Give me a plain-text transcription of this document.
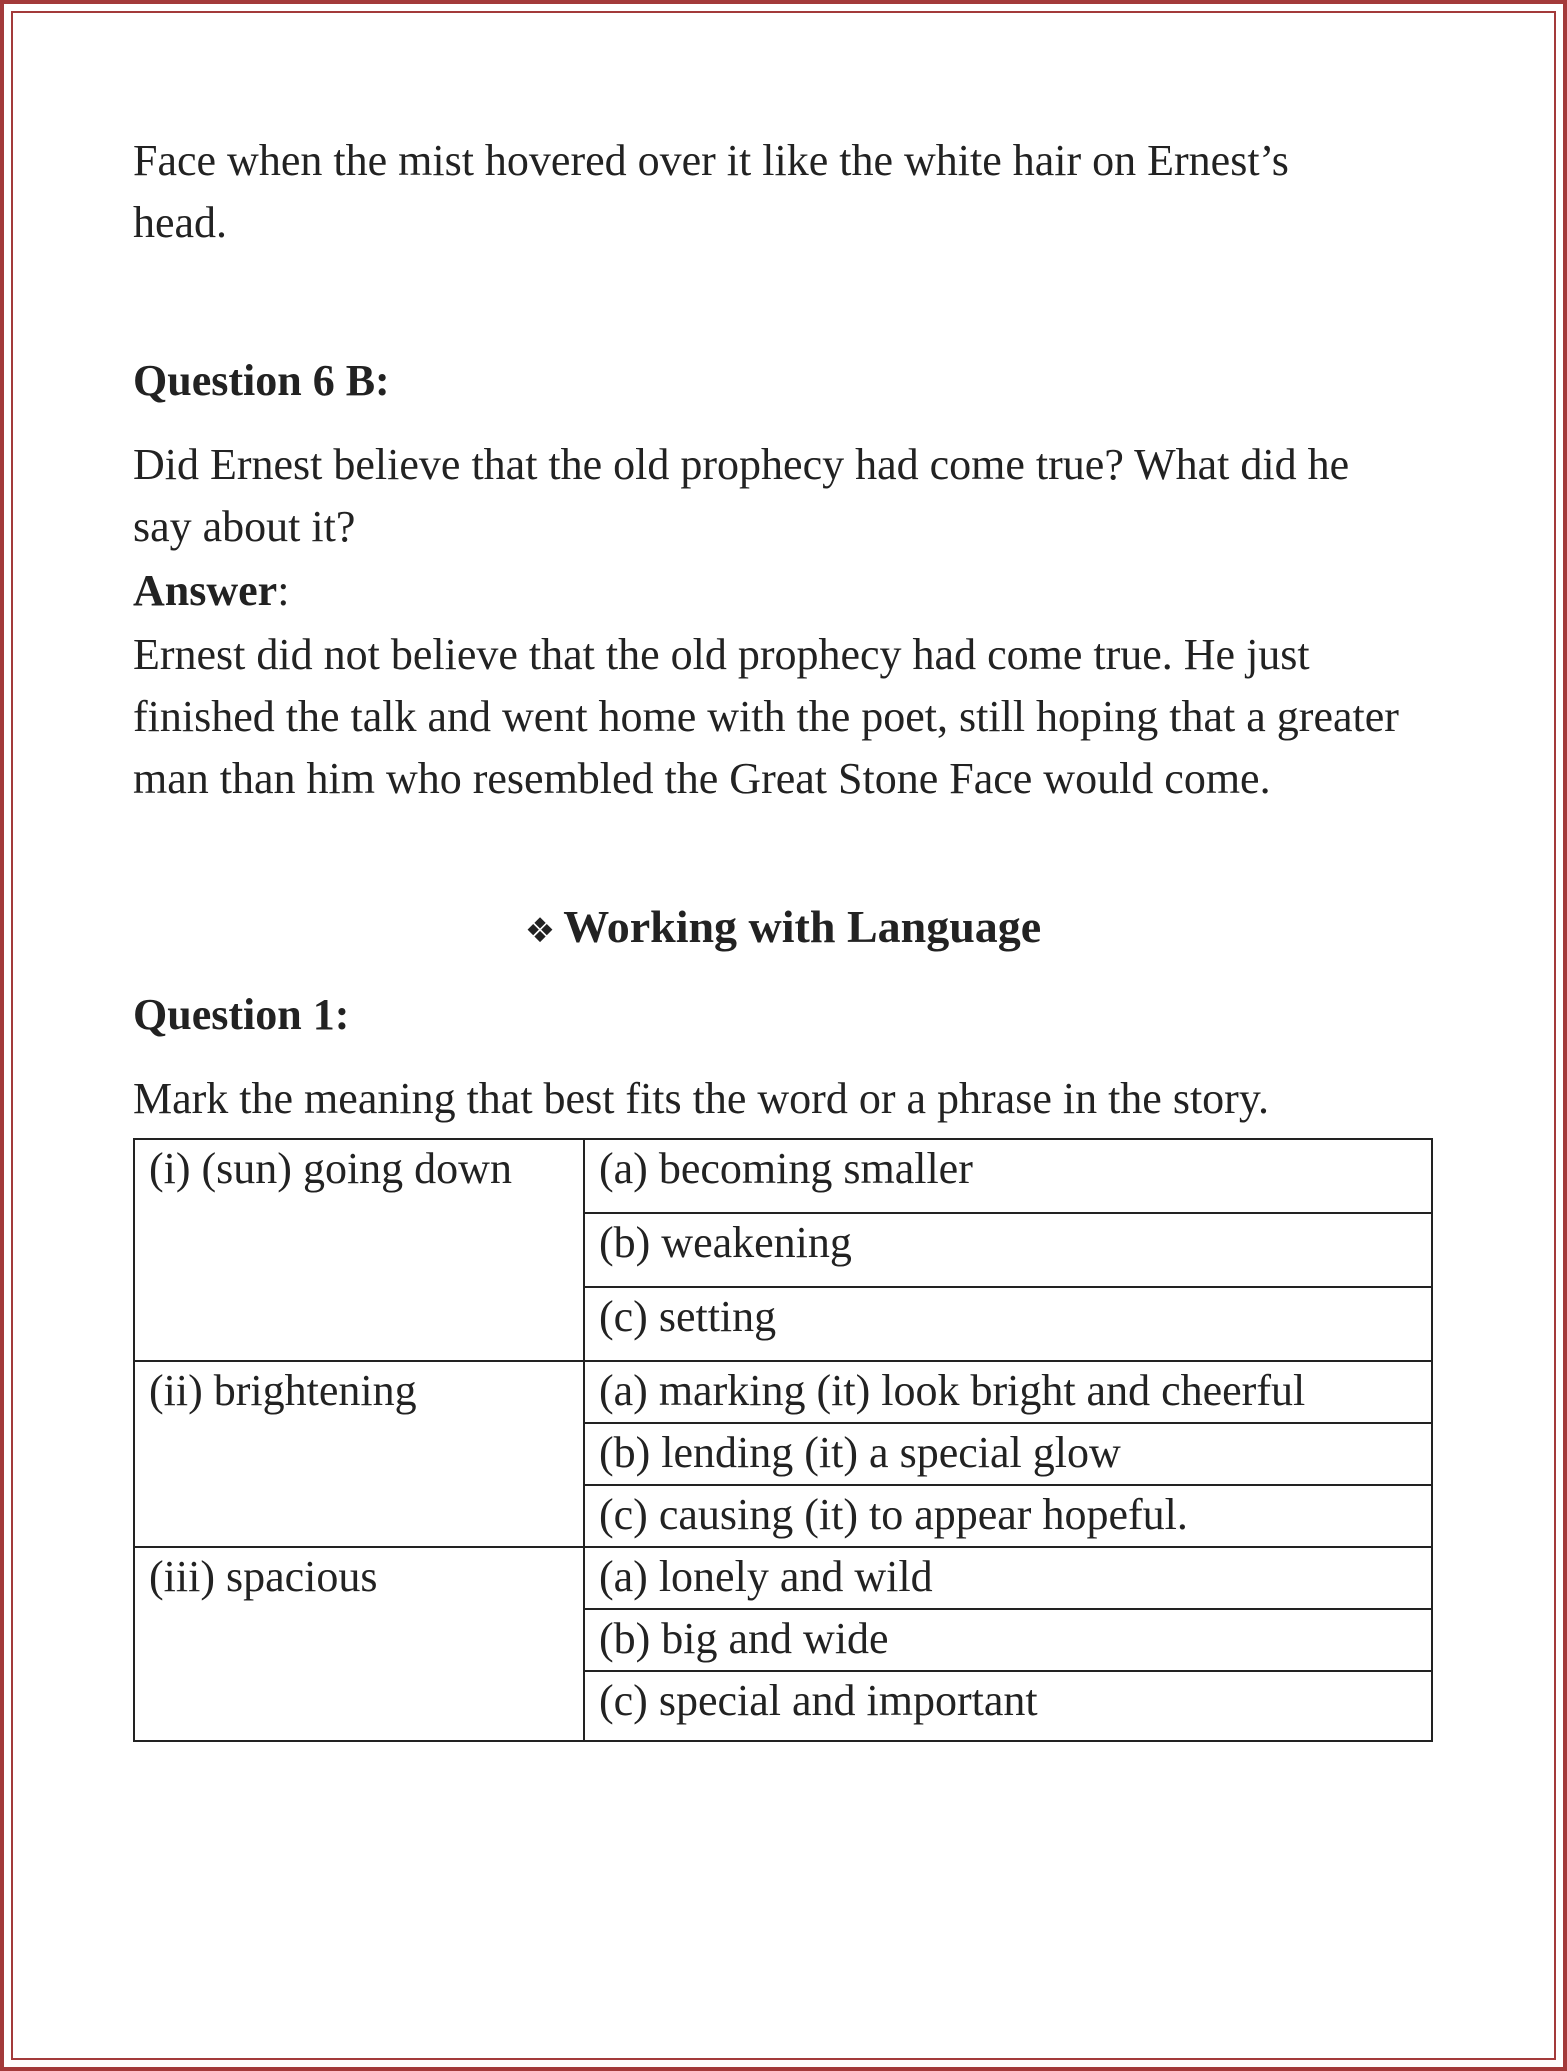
Face when the mist hovered over it like the white hair on Ernest’s head.

Question 6 B:

Did Ernest believe that the old prophecy had come true? What did he say about it?

Answer:

Ernest did not believe that the old prophecy had come true. He just finished the talk and went home with the poet, still hoping that a greater man than him who resembled the Great Stone Face would come.

❖ Working with Language

Question 1:

Mark the meaning that best fits the word or a phrase in the story.

(i) (sun) going down	(a) becoming smaller
	(b) weakening
	(c) setting
(ii) brightening	(a) marking (it) look bright and cheerful
	(b) lending (it) a special glow
	(c) causing (it) to appear hopeful.
(iii) spacious	(a) lonely and wild
	(b) big and wide
	(c) special and important
